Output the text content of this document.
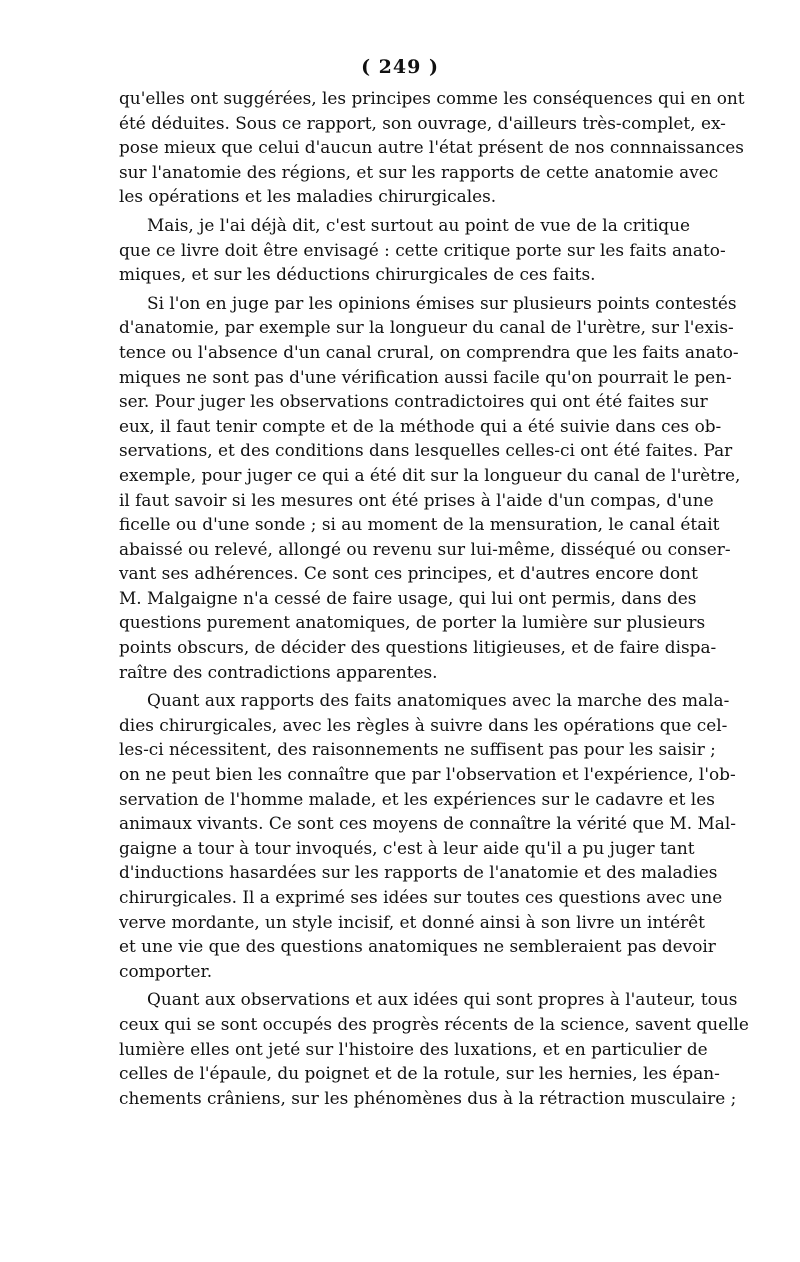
( 249 )
qu'elles ont suggérées, les principes comme les conséquences qui en ont
été déduites. Sous ce rapport, son ouvrage, d'ailleurs très-complet, ex-
pose mieux que celui d'aucun autre l'état présent de nos connnaissances
sur l'anatomie des régions, et sur les rapports de cette anatomie avec
les opérations et les maladies chirurgicales.
Mais, je l'ai déjà dit, c'est surtout au point de vue de la critique
que ce livre doit être envisagé : cette critique porte sur les faits anato-
miques, et sur les déductions chirurgicales de ces faits.
Si l'on en juge par les opinions émises sur plusieurs points contestés
d'anatomie, par exemple sur la longueur du canal de l'urètre, sur l'exis-
tence ou l'absence d'un canal crural, on comprendra que les faits anato-
miques ne sont pas d'une vérification aussi facile qu'on pourrait le pen-
ser. Pour juger les observations contradictoires qui ont été faites sur
eux, il faut tenir compte et de la méthode qui a été suivie dans ces ob-
servations, et des conditions dans lesquelles celles-ci ont été faites. Par
exemple, pour juger ce qui a été dit sur la longueur du canal de l'urètre,
il faut savoir si les mesures ont été prises à l'aide d'un compas, d'une
ficelle ou d'une sonde ; si au moment de la mensuration, le canal était
abaissé ou relevé, allongé ou revenu sur lui-même, disséqué ou conser-
vant ses adhérences. Ce sont ces principes, et d'autres encore dont
M. Malgaigne n'a cessé de faire usage, qui lui ont permis, dans des
questions purement anatomiques, de porter la lumière sur plusieurs
points obscurs, de décider des questions litigieuses, et de faire dispa-
raître des contradictions apparentes.
Quant aux rapports des faits anatomiques avec la marche des mala-
dies chirurgicales, avec les règles à suivre dans les opérations que cel-
les-ci nécessitent, des raisonnements ne suffisent pas pour les saisir ;
on ne peut bien les connaître que par l'observation et l'expérience, l'ob-
servation de l'homme malade, et les expériences sur le cadavre et les
animaux vivants. Ce sont ces moyens de connaître la vérité que M. Mal-
gaigne a tour à tour invoqués, c'est à leur aide qu'il a pu juger tant
d'inductions hasardées sur les rapports de l'anatomie et des maladies
chirurgicales. Il a exprimé ses idées sur toutes ces questions avec une
verve mordante, un style incisif, et donné ainsi à son livre un intérêt
et une vie que des questions anatomiques ne sembleraient pas devoir
comporter.
Quant aux observations et aux idées qui sont propres à l'auteur, tous
ceux qui se sont occupés des progrès récents de la science, savent quelle
lumière elles ont jeté sur l'histoire des luxations, et en particulier de
celles de l'épaule, du poignet et de la rotule, sur les hernies, les épan-
chements crâniens, sur les phénomènes dus à la rétraction musculaire ;
